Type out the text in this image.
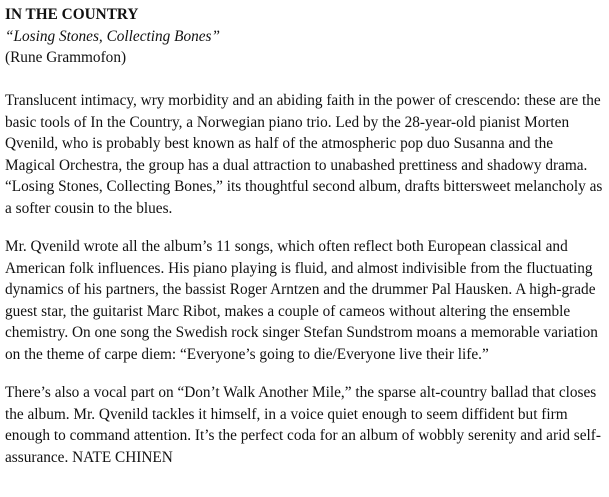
IN THE COUNTRY

“Losing Stones, Collecting Bones”

(Rune Grammofon)

Translucent intimacy, wry morbidity and an abiding faith in the power of crescendo: these are the basic tools of In the Country, a Norwegian piano trio. Led by the 28-year-old pianist Morten Qvenild, who is probably best known as half of the atmospheric pop duo Susanna and the Magical Orchestra, the group has a dual attraction to unabashed prettiness and shadowy drama. “Losing Stones, Collecting Bones,” its thoughtful second album, drafts bittersweet melancholy as a softer cousin to the blues.

Mr. Qvenild wrote all the album’s 11 songs, which often reflect both European classical and American folk influences. His piano playing is fluid, and almost indivisible from the fluctuating dynamics of his partners, the bassist Roger Arntzen and the drummer Pal Hausken. A high-grade guest star, the guitarist Marc Ribot, makes a couple of cameos without altering the ensemble chemistry. On one song the Swedish rock singer Stefan Sundstrom moans a memorable variation on the theme of carpe diem: “Everyone’s going to die/Everyone live their life.”

There’s also a vocal part on “Don’t Walk Another Mile,” the sparse alt-country ballad that closes the album. Mr. Qvenild tackles it himself, in a voice quiet enough to seem diffident but firm enough to command attention. It’s the perfect coda for an album of wobbly serenity and arid self-assurance. NATE CHINEN
